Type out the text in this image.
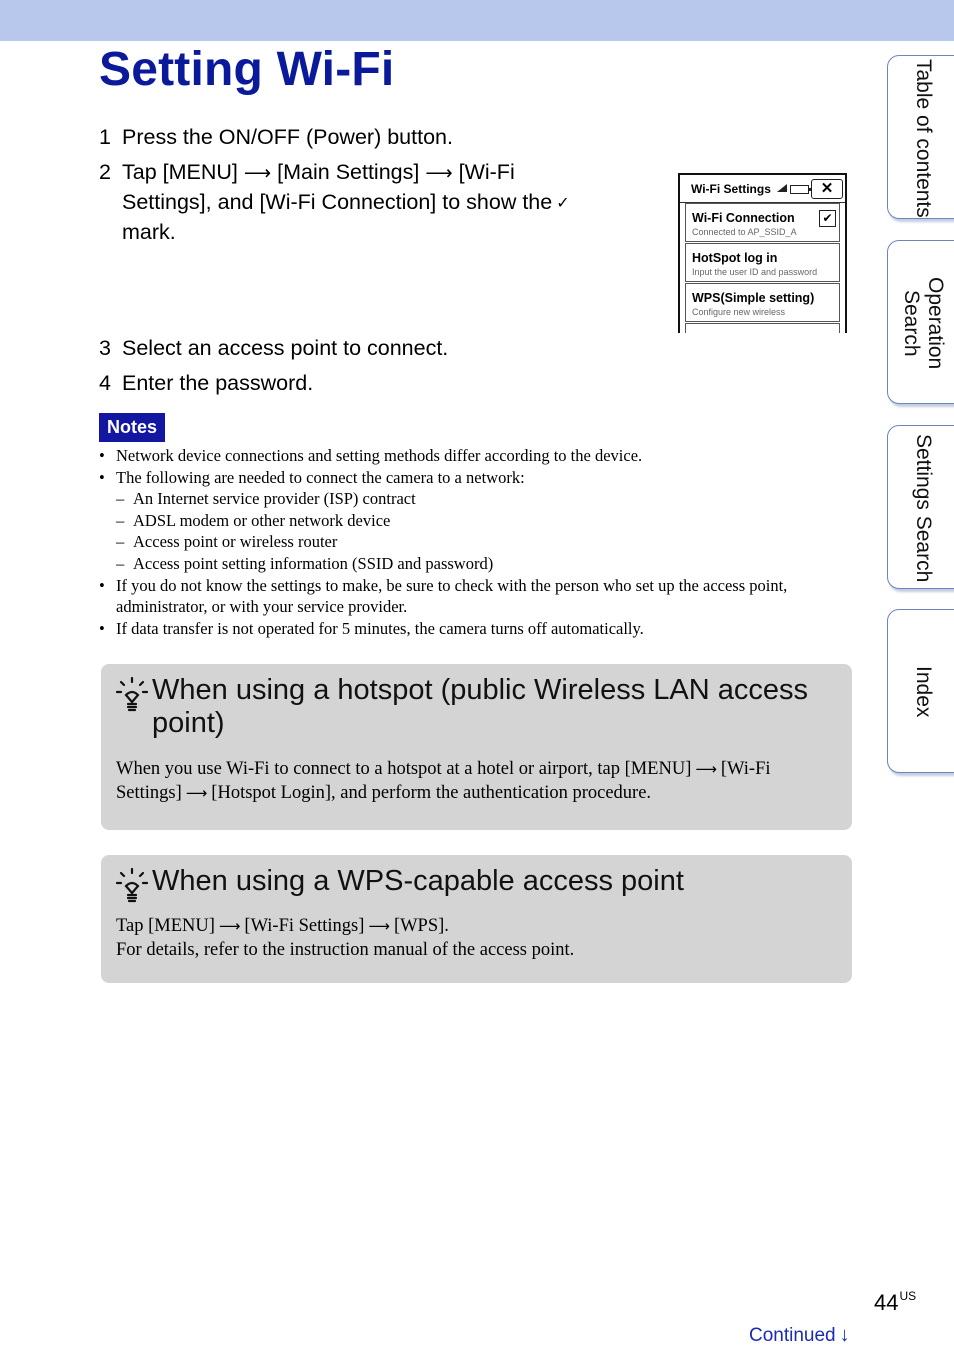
Setting Wi-Fi
1 Press the ON/OFF (Power) button.
2 Tap [MENU] ⟶ [Main Settings] ⟶ [Wi-Fi Settings], and [Wi-Fi Connection] to show the ✓
mark.
Wi-Fi Settings	✕
Wi-Fi Connection
Connected to AP_SSID_A
✔
HotSpot log in
Input the user ID and password
WPS(Simple setting)
Configure new wireless
3 Select an access point to connect.
4 Enter the password.
Notes
• Network device connections and setting methods differ according to the device.
• The following are needed to connect the camera to a network:
– An Internet service provider (ISP) contract
– ADSL modem or other network device
– Access point or wireless router
– Access point setting information (SSID and password)
• If you do not know the settings to make, be sure to check with the person who set up the access point,
administrator, or with your service provider.
• If data transfer is not operated for 5 minutes, the camera turns off automatically.
When using a hotspot (public Wireless LAN access point)
When you use Wi-Fi to connect to a hotspot at a hotel or airport, tap [MENU] ⟶ [Wi-Fi Settings] ⟶ [Hotspot Login], and perform the authentication procedure.
When using a WPS-capable access point
Tap [MENU] ⟶ [Wi-Fi Settings] ⟶ [WPS].
For details, refer to the instruction manual of the access point.
Table of contents
Operation Search
Settings Search
Index
$44^{US}$
Continued ↓
